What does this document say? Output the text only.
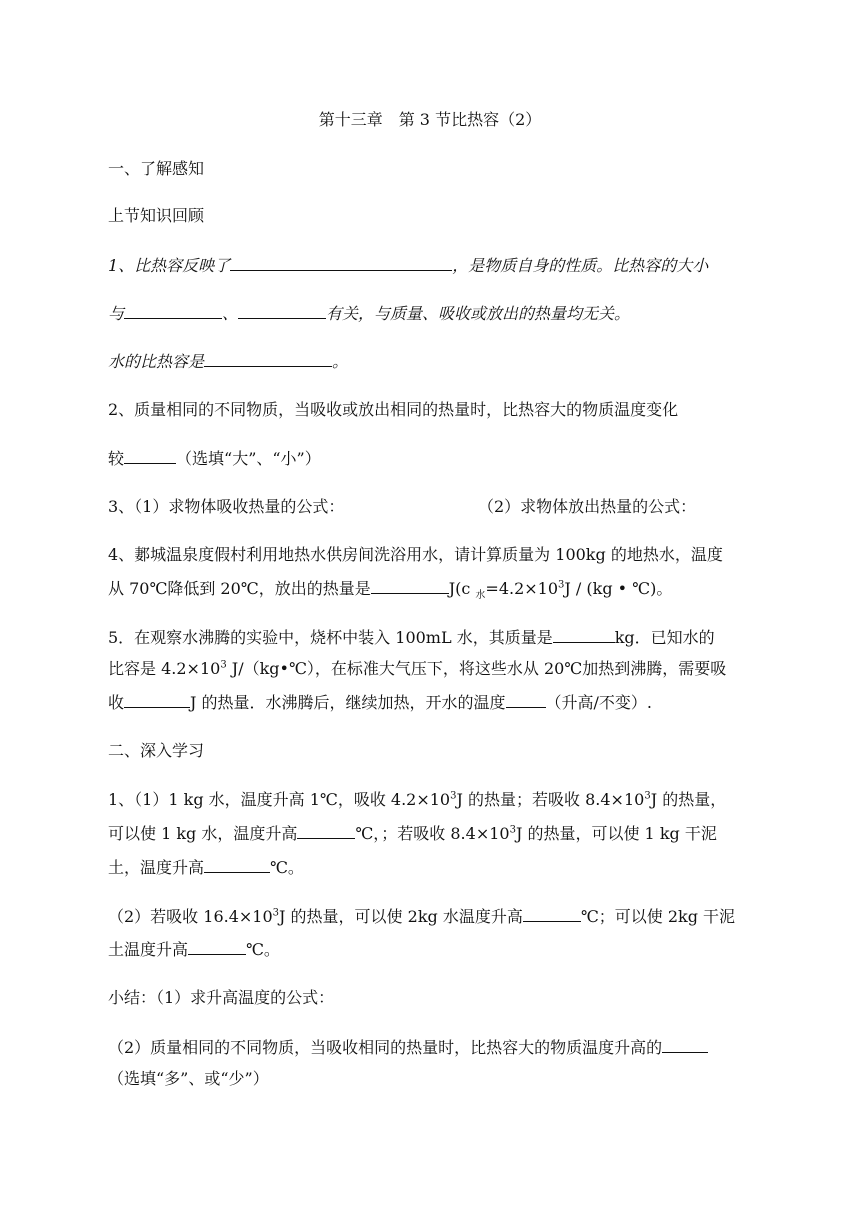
第十三章　第 3 节比热容（2）
一、了解感知
上节知识回顾
1、比热容反映了	，是物质自身的性质。比热容的大小
与	、	有关，与质量、吸收或放出的热量均无关。
水的比热容是	。
2、质量相同的不同物质，当吸收或放出相同的热量时，比热容大的物质温度变化
较	（选填“大”、“小”）
3、（1）求物体吸收热量的公式：	（2）求物体放出热量的公式：
4、郪城温泉度假村利用地热水供房间洗浴用水，请计算质量为 100kg 的地热水，温度
从 70℃降低到 20℃，放出的热量是	J(c $_水=4.2\times 10^3J / (kg$ • ℃)。
5．在观察水沸腾的实验中，烧杯中装入 100mL 水，其质量是	kg．已知水的
比容是 $4.2\times 10^3$ J/（kg•℃），在标准大气压下，将这些水从 20℃加热到沸腾，需要吸
收	J 的热量．水沸腾后，继续加热，开水的温度	（升高/不变）.
二、深入学习
1、（1）1 kg 水，温度升高 1℃，吸收 $4.2\times 10^3J$ 的热量；若吸收 $8.4\times 10^3J$ 的热量，
可以使 1 kg 水，温度升高	℃，；若吸收 $8.4\times 10^3J$ 的热量，可以使 1 kg 干泥
土，温度升高	℃。
（2）若吸收 $16.4\times 10^3J$ 的热量，可以使 2kg 水温度升高	℃；可以使 2kg 干泥
土温度升高	℃。
小结：（1）求升高温度的公式：
（2）质量相同的不同物质，当吸收相同的热量时，比热容大的物质温度升高的
（选填“多”、或“少”）
